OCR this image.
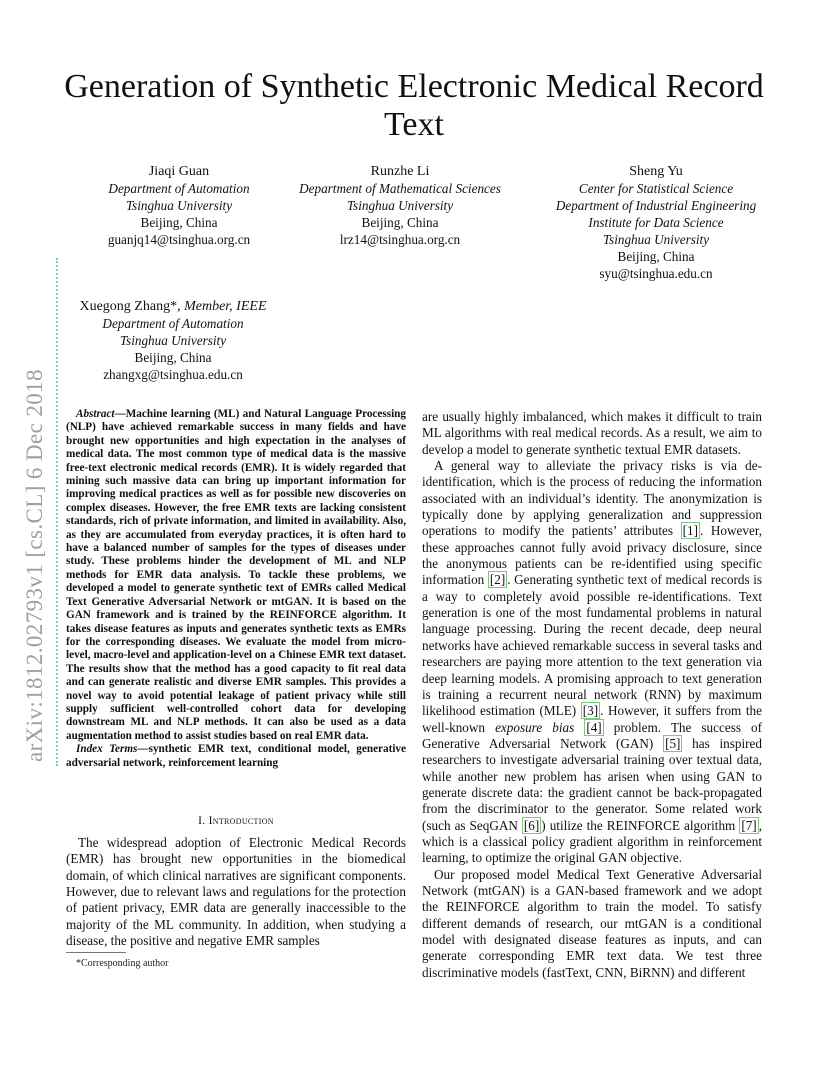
arXiv:1812.02793v1 [cs.CL] 6 Dec 2018
Generation of Synthetic Electronic Medical Record Text
Jiaqi Guan
Department of Automation
Tsinghua University
Beijing, China
guanjq14@tsinghua.org.cn
Runzhe Li
Department of Mathematical Sciences
Tsinghua University
Beijing, China
lrz14@tsinghua.org.cn
Sheng Yu
Center for Statistical Science
Department of Industrial Engineering
Institute for Data Science
Tsinghua University
Beijing, China
syu@tsinghua.edu.cn
Xuegong Zhang*, Member, IEEE
Department of Automation
Tsinghua University
Beijing, China
zhangxg@tsinghua.edu.cn
Abstract—Machine learning (ML) and Natural Language Processing (NLP) have achieved remarkable success in many fields and have brought new opportunities and high expectation in the analyses of medical data. The most common type of medical data is the massive free-text electronic medical records (EMR). It is widely regarded that mining such massive data can bring up important information for improving medical practices as well as for possible new discoveries on complex diseases. However, the free EMR texts are lacking consistent standards, rich of private information, and limited in availability. Also, as they are accumulated from everyday practices, it is often hard to have a balanced number of samples for the types of diseases under study. These problems hinder the development of ML and NLP methods for EMR data analysis. To tackle these problems, we developed a model to generate synthetic text of EMRs called Medical Text Generative Adversarial Network or mtGAN. It is based on the GAN framework and is trained by the REINFORCE algorithm. It takes disease features as inputs and generates synthetic texts as EMRs for the corresponding diseases. We evaluate the model from micro-level, macro-level and application-level on a Chinese EMR text dataset. The results show that the method has a good capacity to fit real data and can generate realistic and diverse EMR samples. This provides a novel way to avoid potential leakage of patient privacy while still supply sufficient well-controlled cohort data for developing downstream ML and NLP methods. It can also be used as a data augmentation method to assist studies based on real EMR data.
Index Terms—synthetic EMR text, conditional model, generative adversarial network, reinforcement learning
I. Introduction

The widespread adoption of Electronic Medical Records (EMR) has brought new opportunities in the biomedical domain, of which clinical narratives are significant components. However, due to relevant laws and regulations for the protection of patient privacy, EMR data are generally inaccessible to the majority of the ML community. In addition, when studying a disease, the positive and negative EMR samples

*Corresponding author

are usually highly imbalanced, which makes it difficult to train ML algorithms with real medical records. As a result, we aim to develop a model to generate synthetic textual EMR datasets.

A general way to alleviate the privacy risks is via de-identification, which is the process of reducing the information associated with an individual’s identity. The anonymization is typically done by applying generalization and suppression operations to modify the patients’ attributes [1] . However, these approaches cannot fully avoid privacy disclosure, since the anonymous patients can be re-identified using specific information [2] . Generating synthetic text of medical records is a way to completely avoid possible re-identifications. Text generation is one of the most fundamental problems in natural language processing. During the recent decade, deep neural networks have achieved remarkable success in several tasks and researchers are paying more attention to the text generation via deep learning models. A promising approach to text generation is training a recurrent neural network (RNN) by maximum likelihood estimation (MLE) [3] . However, it suffers from the well-known exposure bias [4] problem. The success of Generative Adversarial Network (GAN) [5] has inspired researchers to investigate adversarial training over textual data, while another new problem has arisen when using GAN to generate discrete data: the gradient cannot be back-propagated from the discriminator to the generator. Some related work (such as SeqGAN [6] ) utilize the REINFORCE algorithm [7] , which is a classical policy gradient algorithm in reinforcement learning, to optimize the original GAN objective.

Our proposed model Medical Text Generative Adversarial Network (mtGAN) is a GAN-based framework and we adopt the REINFORCE algorithm to train the model. To satisfy different demands of research, our mtGAN is a conditional model with designated disease features as inputs, and can generate corresponding EMR text data. We test three discriminative models (fastText, CNN, BiRNN) and different
